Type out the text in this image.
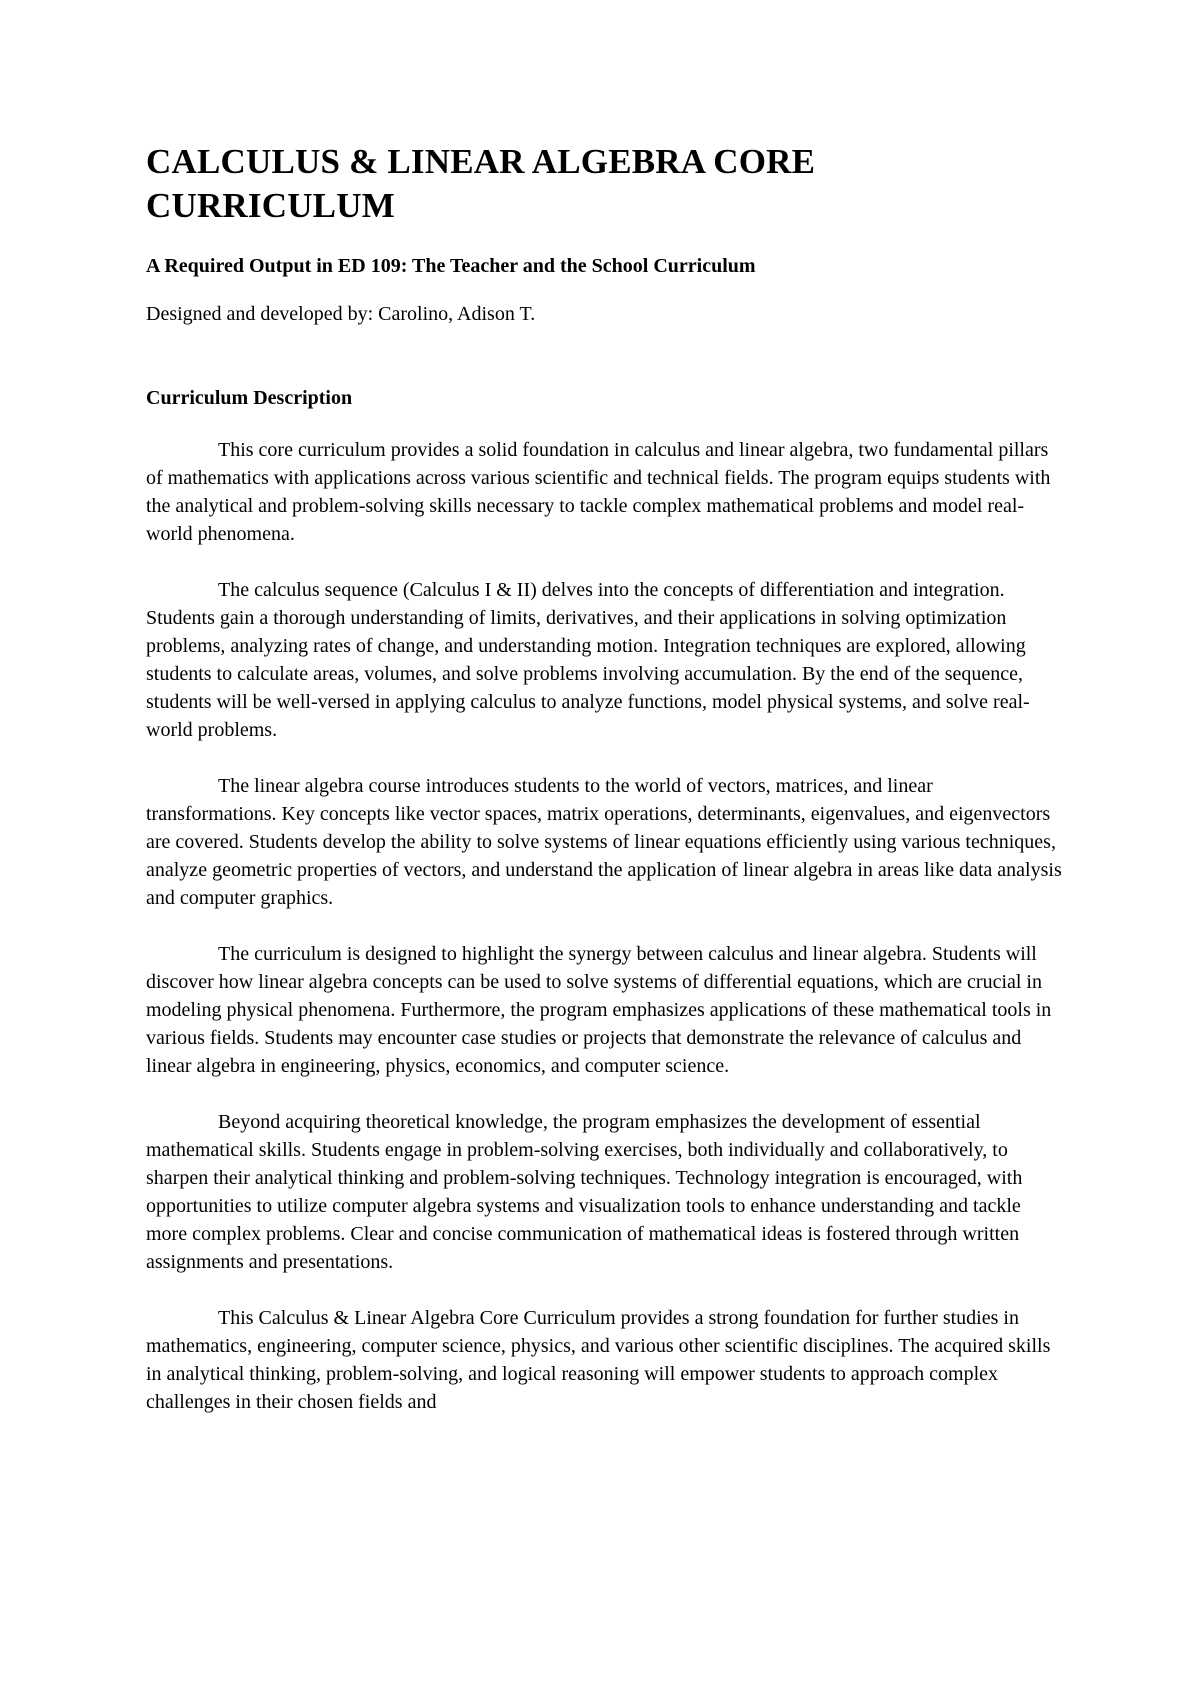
CALCULUS & LINEAR ALGEBRA CORE CURRICULUM

A Required Output in ED 109: The Teacher and the School Curriculum

Designed and developed by: Carolino, Adison T.

Curriculum Description

This core curriculum provides a solid foundation in calculus and linear algebra, two fundamental pillars of mathematics with applications across various scientific and technical fields. The program equips students with the analytical and problem-solving skills necessary to tackle complex mathematical problems and model real-world phenomena.

The calculus sequence (Calculus I & II) delves into the concepts of differentiation and integration. Students gain a thorough understanding of limits, derivatives, and their applications in solving optimization problems, analyzing rates of change, and understanding motion. Integration techniques are explored, allowing students to calculate areas, volumes, and solve problems involving accumulation. By the end of the sequence, students will be well-versed in applying calculus to analyze functions, model physical systems, and solve real-world problems.

The linear algebra course introduces students to the world of vectors, matrices, and linear transformations. Key concepts like vector spaces, matrix operations, determinants, eigenvalues, and eigenvectors are covered. Students develop the ability to solve systems of linear equations efficiently using various techniques, analyze geometric properties of vectors, and understand the application of linear algebra in areas like data analysis and computer graphics.

The curriculum is designed to highlight the synergy between calculus and linear algebra. Students will discover how linear algebra concepts can be used to solve systems of differential equations, which are crucial in modeling physical phenomena. Furthermore, the program emphasizes applications of these mathematical tools in various fields. Students may encounter case studies or projects that demonstrate the relevance of calculus and linear algebra in engineering, physics, economics, and computer science.

Beyond acquiring theoretical knowledge, the program emphasizes the development of essential mathematical skills. Students engage in problem-solving exercises, both individually and collaboratively, to sharpen their analytical thinking and problem-solving techniques. Technology integration is encouraged, with opportunities to utilize computer algebra systems and visualization tools to enhance understanding and tackle more complex problems. Clear and concise communication of mathematical ideas is fostered through written assignments and presentations.

This Calculus & Linear Algebra Core Curriculum provides a strong foundation for further studies in mathematics, engineering, computer science, physics, and various other scientific disciplines. The acquired skills in analytical thinking, problem-solving, and logical reasoning will empower students to approach complex challenges in their chosen fields and
